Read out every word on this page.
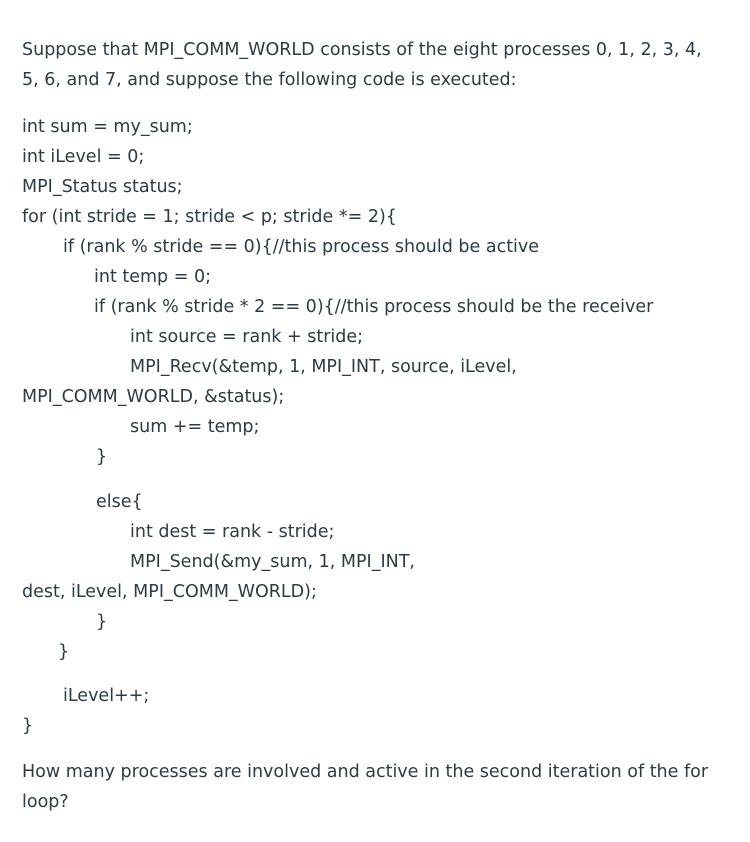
Suppose that MPI_COMM_WORLD consists of the eight processes 0, 1, 2, 3, 4,
5, 6, and 7, and suppose the following code is executed:
int sum = my_sum;
int iLevel = 0;
MPI_Status status;
for (int stride = 1; stride < p; stride *= 2){
if (rank % stride == 0){//this process should be active
int temp = 0;
if (rank % stride * 2 == 0){//this process should be the receiver
int source = rank + stride;
MPI_Recv(&temp, 1, MPI_INT, source, iLevel,
MPI_COMM_WORLD, &status);
sum += temp;
}
else{
int dest = rank - stride;
MPI_Send(&my_sum, 1, MPI_INT,
dest, iLevel, MPI_COMM_WORLD);
}
}
iLevel++;
}
How many processes are involved and active in the second iteration of the for
loop?
